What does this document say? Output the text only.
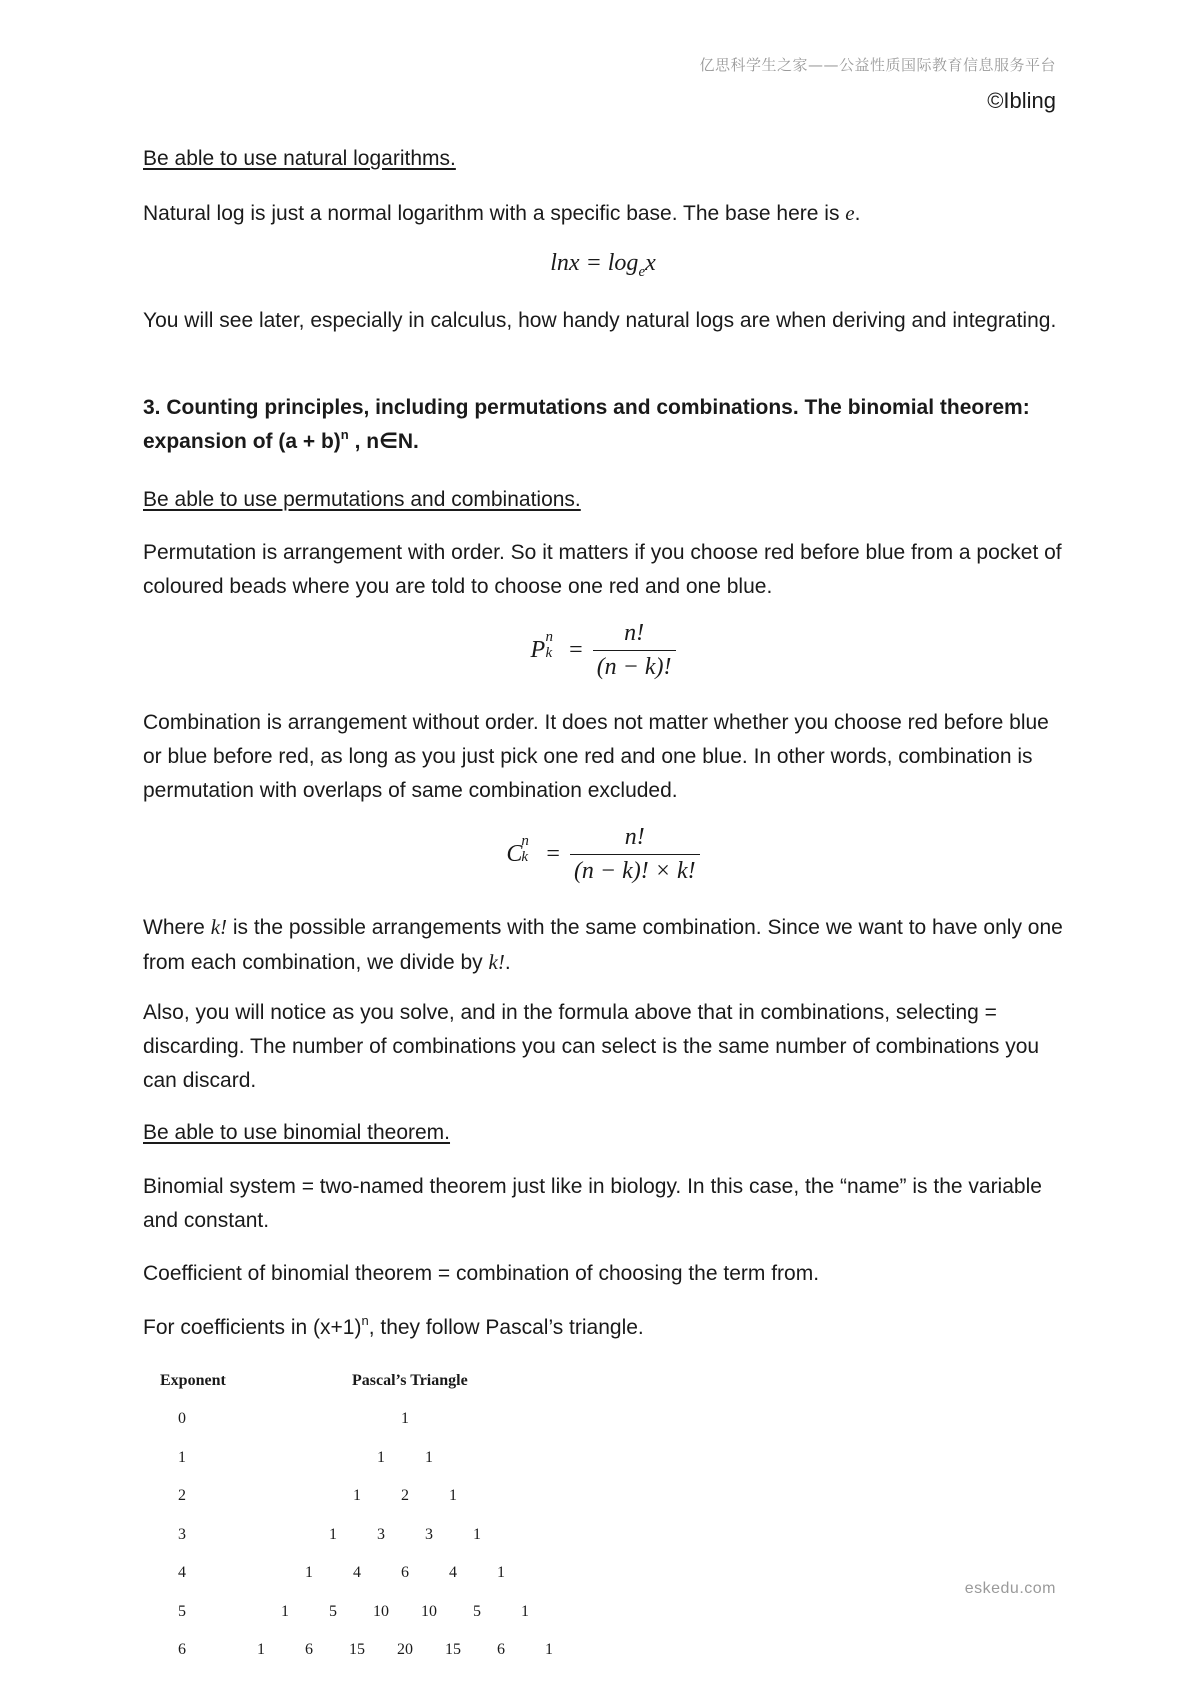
亿思科学生之家——公益性质国际教育信息服务平台
©Ibling

Be able to use natural logarithms.

Natural log is just a normal logarithm with a specific base. The base here is e.

$\ln x = \log_ex$

You will see later, especially in calculus, how handy natural logs are when deriving and integrating.

3. Counting principles, including permutations and combinations. The binomial theorem: expansion of $(a + b)^n$ , n∈N.

Be able to use permutations and combinations.

Permutation is arrangement with order. So it matters if you choose red before blue from a pocket of coloured beads where you are told to choose one red and one blue.

P n
$k = \frac{n!}{(n - k)!}$

Combination is arrangement without order. It does not matter whether you choose red before blue or blue before red, as long as you just pick one red and one blue. In other words, combination is permutation with overlaps of same combination excluded.

C
n
$k = \frac{n!}{(n - k)! \times k!}$

Where k! is the possible arrangements with the same combination. Since we want to have only one from each combination, we divide by k!.

Also, you will notice as you solve, and in the formula above that in combinations, selecting = discarding. The number of combinations you can select is the same number of combinations you can discard.

Be able to use binomial theorem.

Binomial system = two-named theorem just like in biology. In this case, the “name” is the variable and constant.

Coefficient of binomial theorem = combination of choosing the term from.

For coefficients in $(x+1)^n$, they follow Pascal’s triangle.

Exponent	Pascal’s Triangle
0	1
1	1	1
2	1	2	1
3	1	3	3	1
4	1	4	6	4	1
5	1	5	10	10	5	1
6	1	6	15	20	15	6	1
eskedu.com
